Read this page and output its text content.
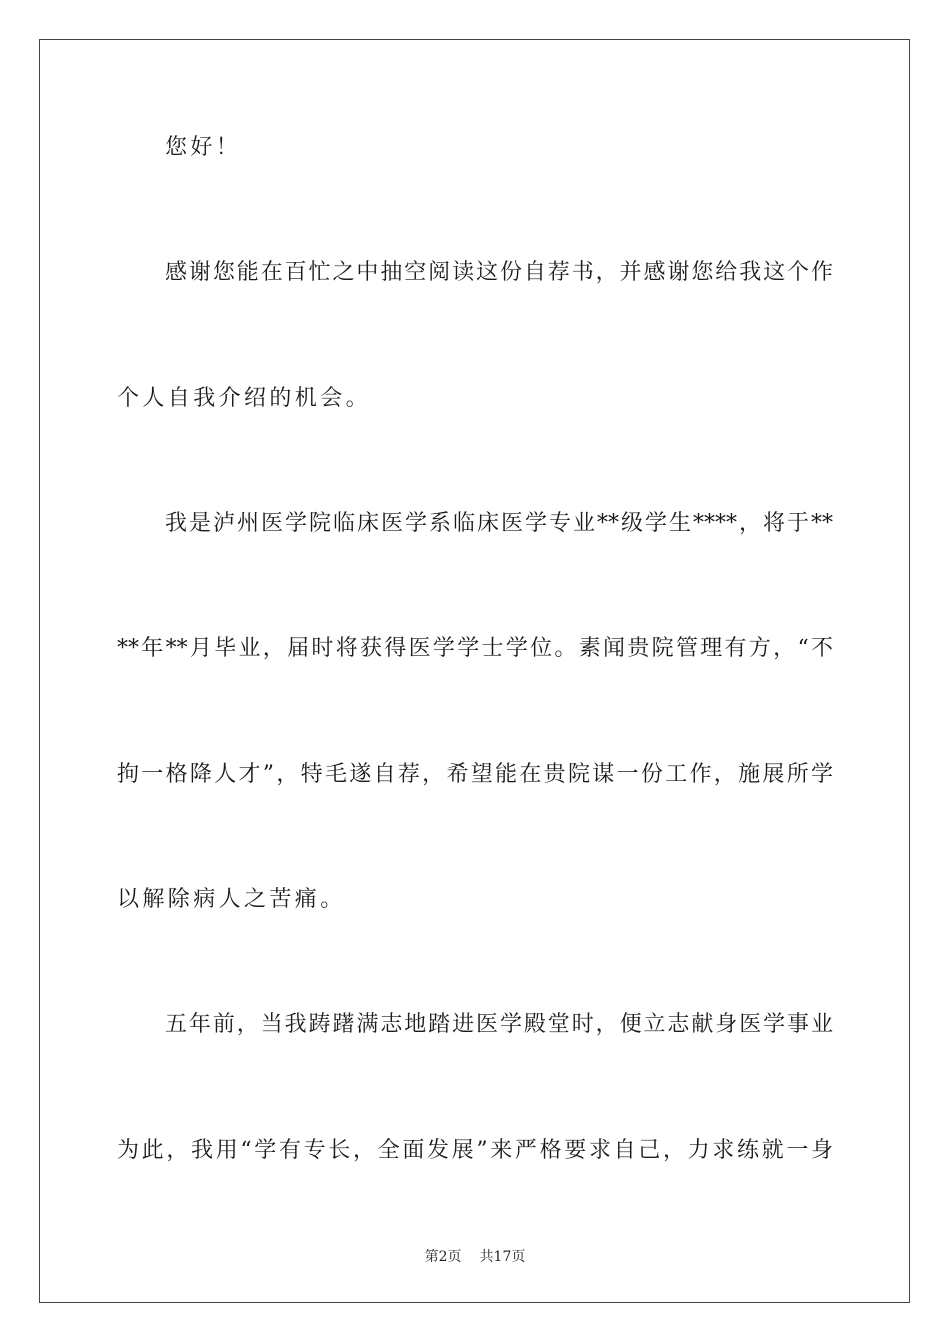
您好！
感谢您能在百忙之中抽空阅读这份自荐书，并感谢您给我这个作
个人自我介绍的机会。
我是泸州医学院临床医学系临床医学专业**级学生****，将于**
**年**月毕业，届时将获得医学学士学位。素闻贵院管理有方，“不
拘一格降人才”，特毛遂自荐，希望能在贵院谋一份工作，施展所学
以解除病人之苦痛。
五年前，当我踌躇满志地踏进医学殿堂时，便立志献身医学事业
为此，我用“学有专长，全面发展”来严格要求自己，力求练就一身
第2页 共17页
